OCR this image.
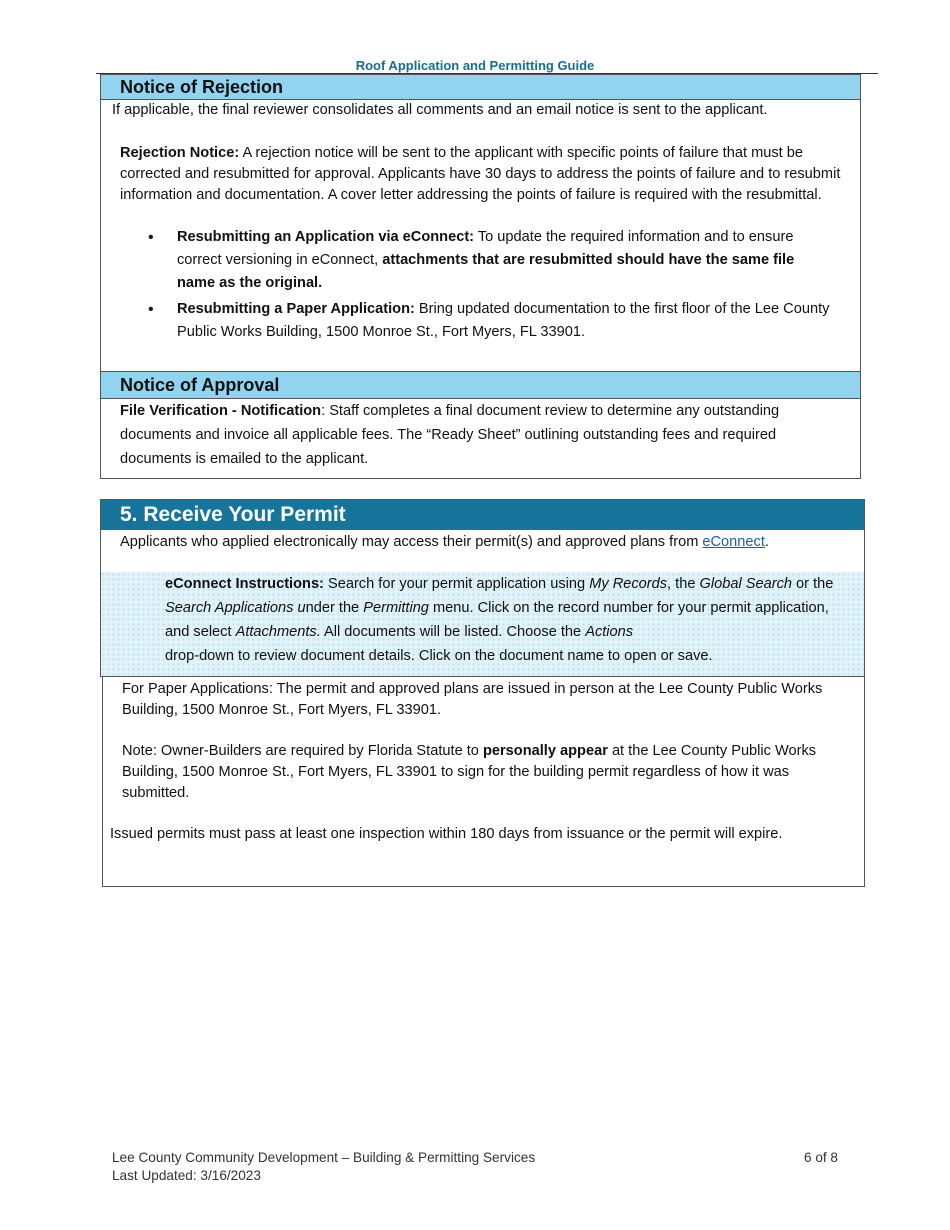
Roof Application and Permitting Guide
Notice of Rejection

If applicable, the final reviewer consolidates all comments and an email notice is sent to the applicant.

Rejection Notice: A rejection notice will be sent to the applicant with specific points of failure that must be corrected and resubmitted for approval. Applicants have 30 days to address the points of failure and to resubmit information and documentation. A cover letter addressing the points of failure is required with the resubmittal.

• Resubmitting an Application via eConnect: To update the required information and to ensure correct versioning in eConnect, attachments that are resubmitted should have the same file name as the original.
• Resubmitting a Paper Application: Bring updated documentation to the first floor of the Lee County Public Works Building, 1500 Monroe St., Fort Myers, FL 33901.
Notice of Approval

File Verification - Notification: Staff completes a final document review to determine any outstanding documents and invoice all applicable fees. The “Ready Sheet” outlining outstanding fees and required documents is emailed to the applicant.

5. Receive Your Permit

Applicants who applied electronically may access their permit(s) and approved plans from eConnect.

eConnect Instructions: Search for your permit application using My Records, the Global Search or the Search Applications under the Permitting menu. Click on the record number for your permit application, and select Attachments. All documents will be listed. Choose the Actions
drop-down to review document details. Click on the document name to open or save.

For Paper Applications: The permit and approved plans are issued in person at the Lee County Public Works Building, 1500 Monroe St., Fort Myers, FL 33901.

Note: Owner-Builders are required by Florida Statute to personally appear at the Lee County Public Works Building, 1500 Monroe St., Fort Myers, FL 33901 to sign for the building permit regardless of how it was submitted.

Issued permits must pass at least one inspection within 180 days from issuance or the permit will expire.

Lee County Community Development – Building & Permitting Services
Last Updated: 3/16/2023
6 of 8
